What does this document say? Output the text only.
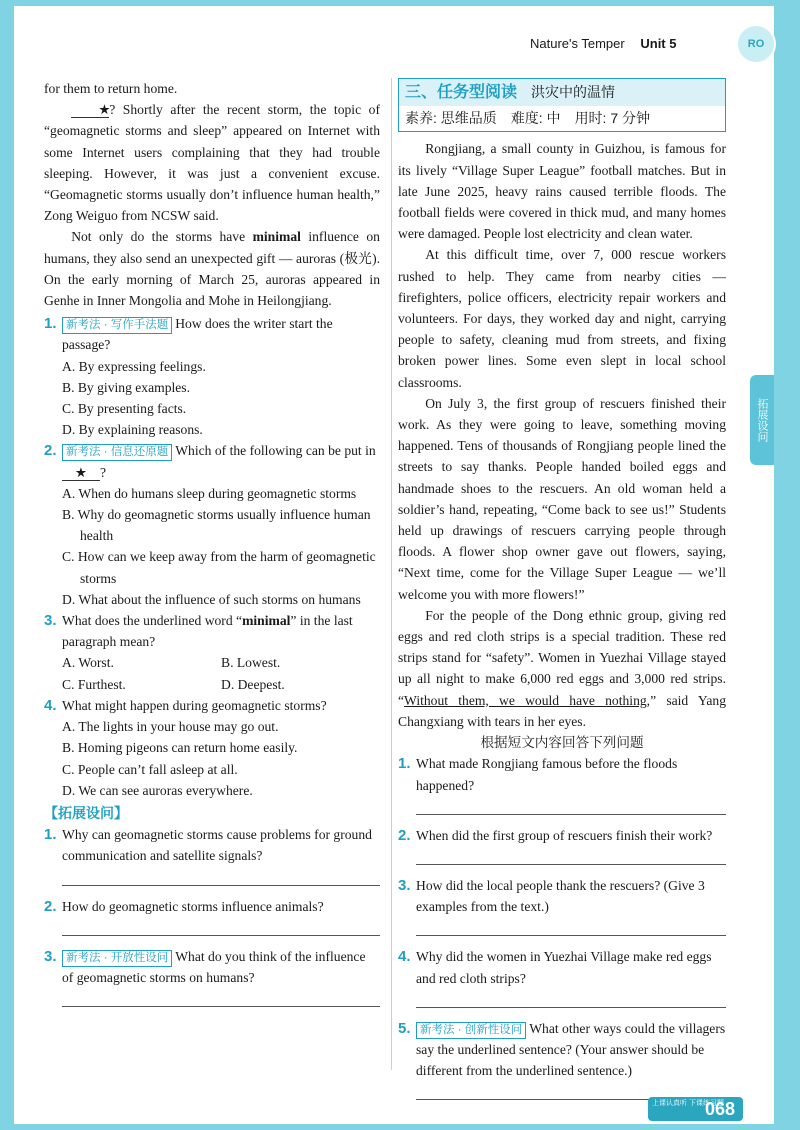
Nature's Temper Unit 5	RO
拓展设问

for them to return home.

★? Shortly after the recent storm, the topic of “geomagnetic storms and sleep” appeared on Internet with some Internet users complaining that they had trouble sleeping. However, it was just a convenient excuse. “Geomagnetic storms usually don’t influence human health,” Zong Weiguo from NCSW said.

Not only do the storms have minimal influence on humans, they also send an unexpected gift — auroras (极光). On the early morning of March 25, auroras appeared in Genhe in Inner Mongolia and Mohe in Heilongjiang.

1. 新考法 · 写作手法题 How does the writer start the passage?
A. By expressing feelings.
B. By giving examples.
C. By presenting facts.
D. By explaining reasons.
2. 新考法 · 信息还原题 Which of the following can be put in ★ ?
A. When do humans sleep during geomagnetic storms
B. Why do geomagnetic storms usually influence human health
C. How can we keep away from the harm of geomagnetic storms
D. What about the influence of such storms on humans
3. What does the underlined word “minimal” in the last paragraph mean?
A. Worst.	B. Lowest.
C. Furthest.	D. Deepest.
4. What might happen during geomagnetic storms?
A. The lights in your house may go out.
B. Homing pigeons can return home easily.
C. People can’t fall asleep at all.
D. We can see auroras everywhere.
【拓展设问】
1. Why can geomagnetic storms cause problems for ground communication and satellite signals?
2. How do geomagnetic storms influence animals?
3. 新考法 · 开放性设问 What do you think of the influence of geomagnetic storms on humans?
三、任务型阅读 洪灾中的温情
素养: 思维品质 难度: 中 用时: 7 分钟

Rongjiang, a small county in Guizhou, is famous for its lively “Village Super League” football matches. But in late June 2025, heavy rains caused terrible floods. The football fields were covered in thick mud, and many homes were damaged. People lost electricity and clean water.

At this difficult time, over 7, 000 rescue workers rushed to help. They came from nearby cities — firefighters, police officers, electricity repair workers and volunteers. For days, they worked day and night, carrying people to safety, cleaning mud from streets, and fixing broken power lines. Some even slept in local school classrooms.

On July 3, the first group of rescuers finished their work. As they were going to leave, something moving happened. Tens of thousands of Rongjiang people lined the streets to say thanks. People handed boiled eggs and handmade shoes to the rescuers. An old woman held a soldier’s hand, repeating, “Come back to see us!” Students held up drawings of rescuers carrying people through floods. A flower shop owner gave out flowers, saying, “Next time, come for the Village Super League — we’ll welcome you with more flowers!”

For the people of the Dong ethnic group, giving red eggs and red cloth strips is a special tradition. These red strips stand for “safety”. Women in Yuezhai Village stayed up all night to make 6,000 red eggs and 3,000 red strips. “Without them, we would have nothing,” said Yang Changxiang with tears in her eyes.

根据短文内容回答下列问题
1. What made Rongjiang famous before the floods happened?
2. When did the first group of rescuers finish their work?
3. How did the local people thank the rescuers? (Give 3 examples from the text.)
4. Why did the women in Yuezhai Village make red eggs and red cloth strips?
5. 新考法 · 创新性设问 What other ways could the villagers say the underlined sentence? (Your answer should be different from the underlined sentence.)
上课认真听 下课练习题
068
